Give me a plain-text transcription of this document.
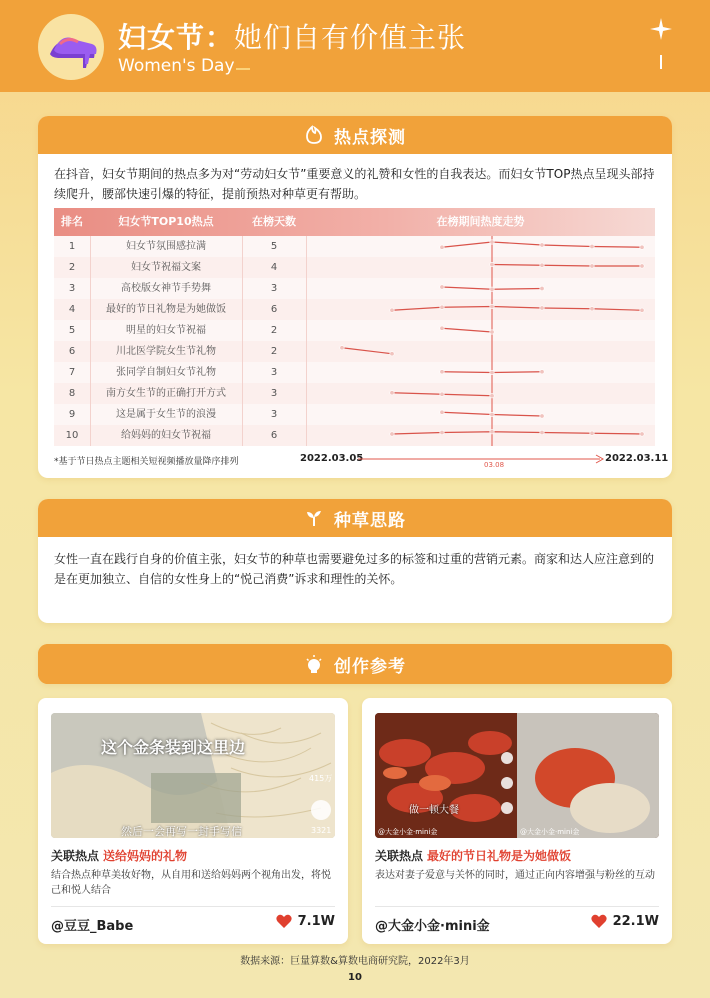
妇女节：她们自有价值主张
Women's Day
热点探测
在抖音，妇女节期间的热点多为对“劳动妇女节”重要意义的礼赞和女性的自我表达。而妇女节TOP热点呈现头部持
续爬升，腰部快速引爆的特征，提前预热对种草更有帮助。
排名	妇女节TOP10热点	在榜天数	在榜期间热度走势
1	妇女节氛围感拉满	5
2	妇女节祝福文案	4
3	高校版女神节手势舞	3
4	最好的节日礼物是为她做饭	6
5	明星的妇女节祝福	2
6	川北医学院女生节礼物	2
7	张同学自制妇女节礼物	3
8	南方女生节的正确打开方式	3
9	这是属于女生节的浪漫	3
10	给妈妈的妇女节祝福	6
*基于节日热点主题相关短视频播放量降序排列	2022.03.05
03.08
2022.03.11
种草思路
女性一直在践行自身的价值主张，妇女节的种草也需要避免过多的标签和过重的营销元素。商家和达人应注意到的
是在更加独立、自信的女性身上的“悦己消费”诉求和理性的关怀。
创作参考
这个金条装到这里边
然后一会再写一封手写信
415万
3321
关联热点 送给妈妈的礼物
结合热点种草美妆好物，从自用和送给妈妈两个视角出发，将悦己和悦人结合
@豆豆_Babe	7.1W
做一顿大餐
@大金小金·mini金	@大金小金·mini金
关联热点 最好的节日礼物是为她做饭
表达对妻子爱意与关怀的同时，通过正向内容增强与粉丝的互动
@大金小金·mini金	22.1W
数据来源：巨量算数&算数电商研究院，2022年3月
10
